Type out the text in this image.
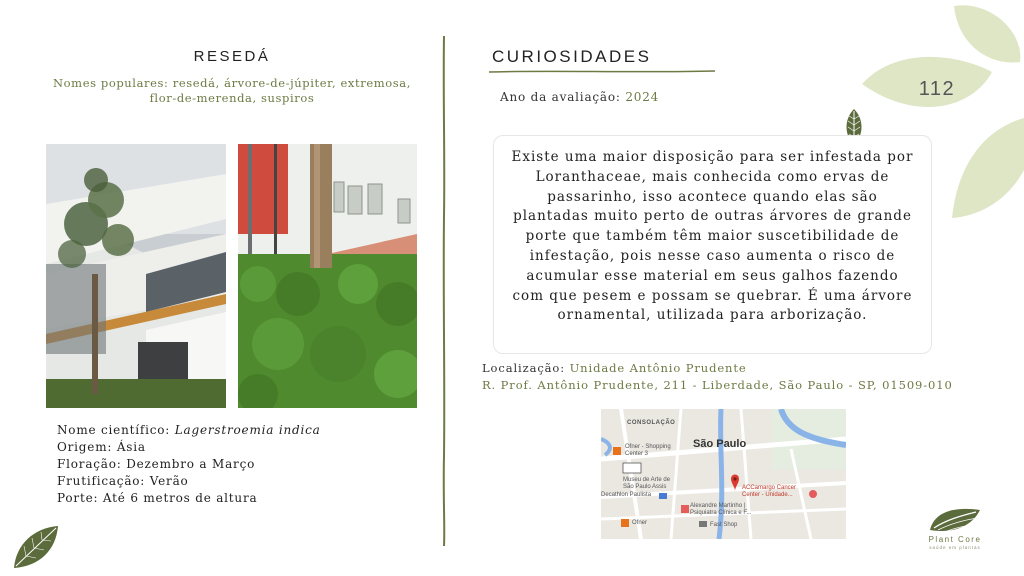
RESEDÁ
Nomes populares: resedá, árvore-de-júpiter, extremosa,
flor-de-merenda, suspiros
Nome científico: Lagerstroemia indica
Origem: Ásia
Floração: Dezembro a Março
Frutificação: Verão
Porte: Até 6 metros de altura
CURIOSIDADES
Ano da avaliação: 2024	112
Existe uma maior disposição para ser infestada por Loranthaceae, mais conhecida como ervas de passarinho, isso acontece quando elas são plantadas muito perto de outras árvores de grande porte que também têm maior suscetibilidade de infestação, pois nesse caso aumenta o risco de acumular esse material em seus galhos fazendo com que pesem e possam se quebrar. É uma árvore ornamental, utilizada para arborização.
Localização: Unidade Antônio Prudente
R. Prof. Antônio Prudente, 211 - Liberdade, São Paulo - SP, 01509-010
CONSOLAÇÃO
São Paulo
Ofner - Shopping
Center 3
Museu de Arte de
São Paulo Assis
Decathlon Paulista
ACCamargo Cancer
Center - Unidade...
Alexandre Martinho |
Psiquiatra Clínica e F...
Ofner	Fast Shop
Plant Core
saúde em plantas
